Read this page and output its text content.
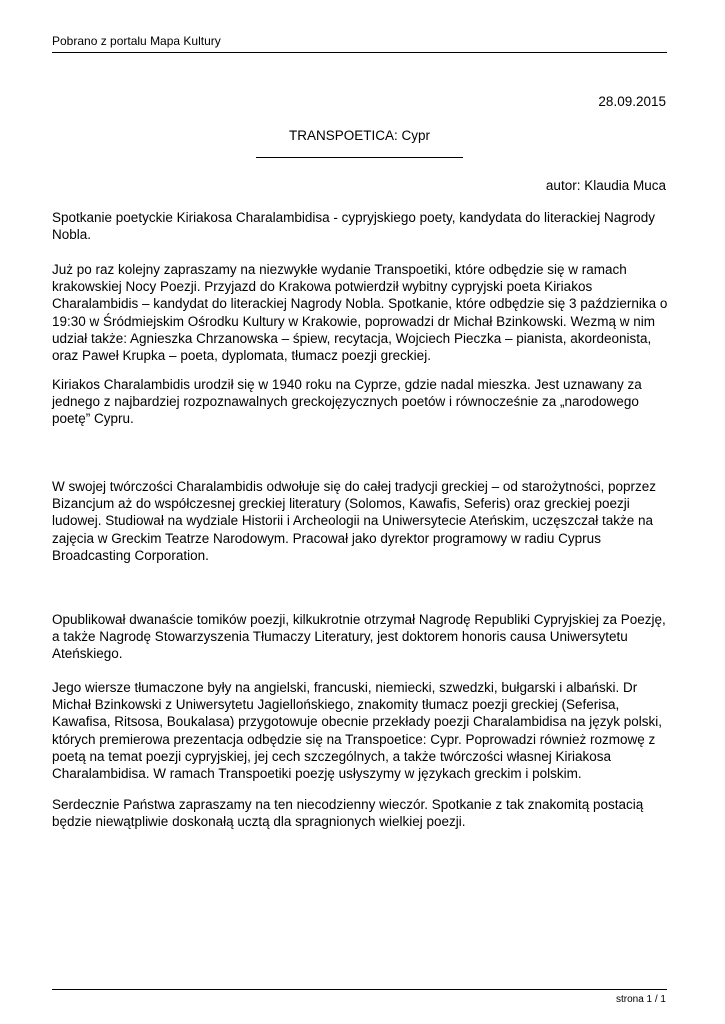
Pobrano z portalu Mapa Kultury
28.09.2015
TRANSPOETICA: Cypr
autor: Klaudia Muca

Spotkanie poetyckie Kiriakosa Charalambidisa - cypryjskiego poety, kandydata do literackiej Nagrody Nobla.

Już po raz kolejny zapraszamy na niezwykłe wydanie Transpoetiki, które odbędzie się w ramach krakowskiej Nocy Poezji. Przyjazd do Krakowa potwierdził wybitny cypryjski poeta Kiriakos Charalambidis – kandydat do literackiej Nagrody Nobla. Spotkanie, które odbędzie się 3 października o 19:30 w Śródmiejskim Ośrodku Kultury w Krakowie, poprowadzi dr Michał Bzinkowski. Wezmą w nim udział także: Agnieszka Chrzanowska – śpiew, recytacja, Wojciech Pieczka – pianista, akordeonista, oraz Paweł Krupka – poeta, dyplomata, tłumacz poezji greckiej.

Kiriakos Charalambidis urodził się w 1940 roku na Cyprze, gdzie nadal mieszka. Jest uznawany za jednego z najbardziej rozpoznawalnych greckojęzycznych poetów i równocześnie za „narodowego poetę” Cypru.

W swojej twórczości Charalambidis odwołuje się do całej tradycji greckiej – od starożytności, poprzez Bizancjum aż do współczesnej greckiej literatury (Solomos, Kawafis, Seferis) oraz greckiej poezji ludowej. Studiował na wydziale Historii i Archeologii na Uniwersytecie Ateńskim, uczęszczał także na zajęcia w Greckim Teatrze Narodowym. Pracował jako dyrektor programowy w radiu Cyprus Broadcasting Corporation.

Opublikował dwanaście tomików poezji, kilkukrotnie otrzymał Nagrodę Republiki Cypryjskiej za Poezję, a także Nagrodę Stowarzyszenia Tłumaczy Literatury, jest doktorem honoris causa Uniwersytetu Ateńskiego.

Jego wiersze tłumaczone były na angielski, francuski, niemiecki, szwedzki, bułgarski i albański. Dr Michał Bzinkowski z Uniwersytetu Jagiellońskiego, znakomity tłumacz poezji greckiej (Seferisa, Kawafisa, Ritsosa, Boukalasa) przygotowuje obecnie przekłady poezji Charalambidisa na język polski, których premierowa prezentacja odbędzie się na Transpoetice: Cypr. Poprowadzi również rozmowę z poetą na temat poezji cypryjskiej, jej cech szczególnych, a także twórczości własnej Kiriakosa Charalambidisa. W ramach Transpoetiki poezję usłyszymy w językach greckim i polskim.

Serdecznie Państwa zapraszamy na ten niecodzienny wieczór. Spotkanie z tak znakomitą postacią będzie niewątpliwie doskonałą ucztą dla spragnionych wielkiej poezji.

strona 1 / 1
